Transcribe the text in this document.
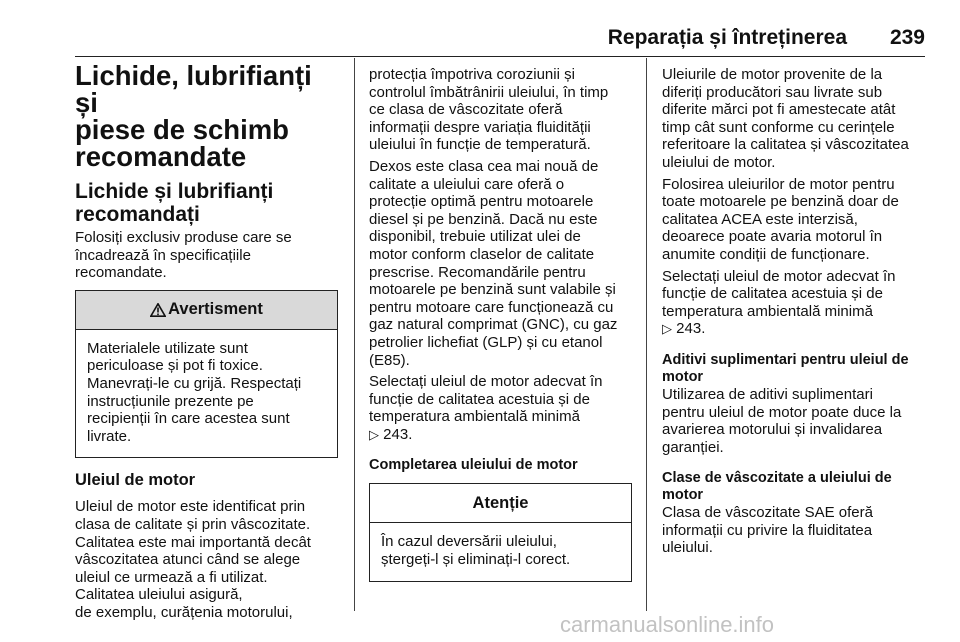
Reparația și întreținerea 239
Lichide, lubrifianți și
piese de schimb
recomandate
Lichide și lubrifianți
recomandați

Folosiți exclusiv produse care se
încadrează în specificațiile
recomandate.

Avertisment

Materialele utilizate sunt
periculoase și pot fi toxice.
Manevrați-le cu grijă. Respectați
instrucțiunile prezente pe
recipienții în care acestea sunt
livrate.

Uleiul de motor

Uleiul de motor este identificat prin
clasa de calitate și prin vâscozitate.
Calitatea este mai importantă decât
vâscozitatea atunci când se alege
uleiul ce urmează a fi utilizat.
Calitatea uleiului asigură,
de exemplu, curățenia motorului,

protecția împotriva coroziunii și
controlul îmbătrânirii uleiului, în timp
ce clasa de vâscozitate oferă
informații despre variația fluidității
uleiului în funcție de temperatură.

Dexos este clasa cea mai nouă de
calitate a uleiului care oferă o
protecție optimă pentru motoarele
diesel și pe benzină. Dacă nu este
disponibil, trebuie utilizat ulei de
motor conform claselor de calitate
prescrise. Recomandările pentru
motoarele pe benzină sunt valabile și
pentru motoare care funcționează cu
gaz natural comprimat (GNC), cu gaz
petrolier lichefiat (GLP) și cu etanol
(E85).

Selectați uleiul de motor adecvat în
funcție de calitatea acestuia și de
temperatura ambientală minimă
▷ 243.

Completarea uleiului de motor
Atenție

În cazul deversării uleiului,
ștergeți-l și eliminați-l corect.

Uleiurile de motor provenite de la
diferiți producători sau livrate sub
diferite mărci pot fi amestecate atât
timp cât sunt conforme cu cerințele
referitoare la calitatea și vâscozitatea
uleiului de motor.

Folosirea uleiurilor de motor pentru
toate motoarele pe benzină doar de
calitatea ACEA este interzisă,
deoarece poate avaria motorul în
anumite condiții de funcționare.

Selectați uleiul de motor adecvat în
funcție de calitatea acestuia și de
temperatura ambientală minimă
▷ 243.

Aditivi suplimentari pentru uleiul de
motor

Utilizarea de aditivi suplimentari
pentru uleiul de motor poate duce la
avarierea motorului și invalidarea
garanției.

Clase de vâscozitate a uleiului de
motor

Clasa de vâscozitate SAE oferă
informații cu privire la fluiditatea
uleiului.

carmanualsonline.info
